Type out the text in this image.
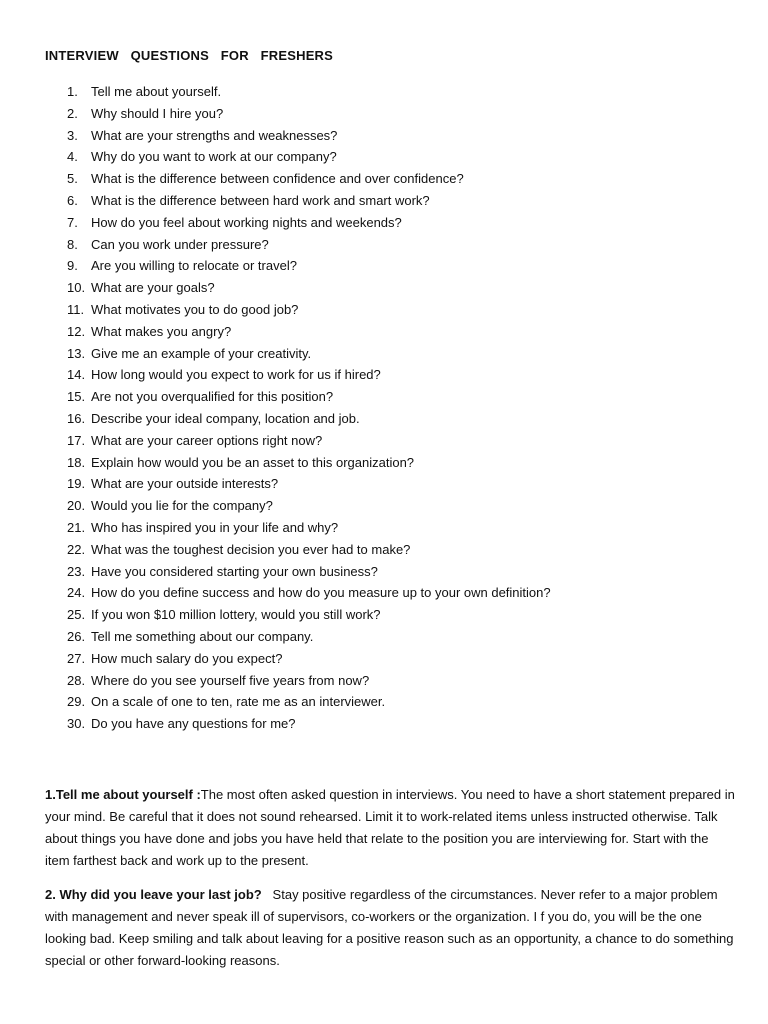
INTERVIEW QUESTIONS FOR FRESHERS
1.	Tell me about yourself.
2.	Why should I hire you?
3.	What are your strengths and weaknesses?
4.	Why do you want to work at our company?
5.	What is the difference between confidence and over confidence?
6.	What is the difference between hard work and smart work?
7.	How do you feel about working nights and weekends?
8.	Can you work under pressure?
9.	Are you willing to relocate or travel?
10. What are your goals?
11. What motivates you to do good job?
12. What makes you angry?
13. Give me an example of your creativity.
14. How long would you expect to work for us if hired?
15. Are not you overqualified for this position?
16. Describe your ideal company, location and job.
17. What are your career options right now?
18. Explain how would you be an asset to this organization?
19. What are your outside interests?
20. Would you lie for the company?
21. Who has inspired you in your life and why?
22. What was the toughest decision you ever had to make?
23. Have you considered starting your own business?
24. How do you define success and how do you measure up to your own definition?
25. If you won $10 million lottery, would you still work?
26. Tell me something about our company.
27. How much salary do you expect?
28. Where do you see yourself five years from now?
29. On a scale of one to ten, rate me as an interviewer.
30. Do you have any questions for me?

1.Tell me about yourself :The most often asked question in interviews. You need to have a short statement prepared in your mind. Be careful that it does not sound rehearsed. Limit it to work-related items unless instructed otherwise. Talk about things you have done and jobs you have held that relate to the position you are interviewing for. Start with the item farthest back and work up to the present.

2. Why did you leave your last job?   Stay positive regardless of the circumstances. Never refer to a major problem with management and never speak ill of supervisors, co-workers or the organization. I f you do, you will be the one looking bad. Keep smiling and talk about leaving for a positive reason such as an opportunity, a chance to do something special or other forward-looking reasons.
